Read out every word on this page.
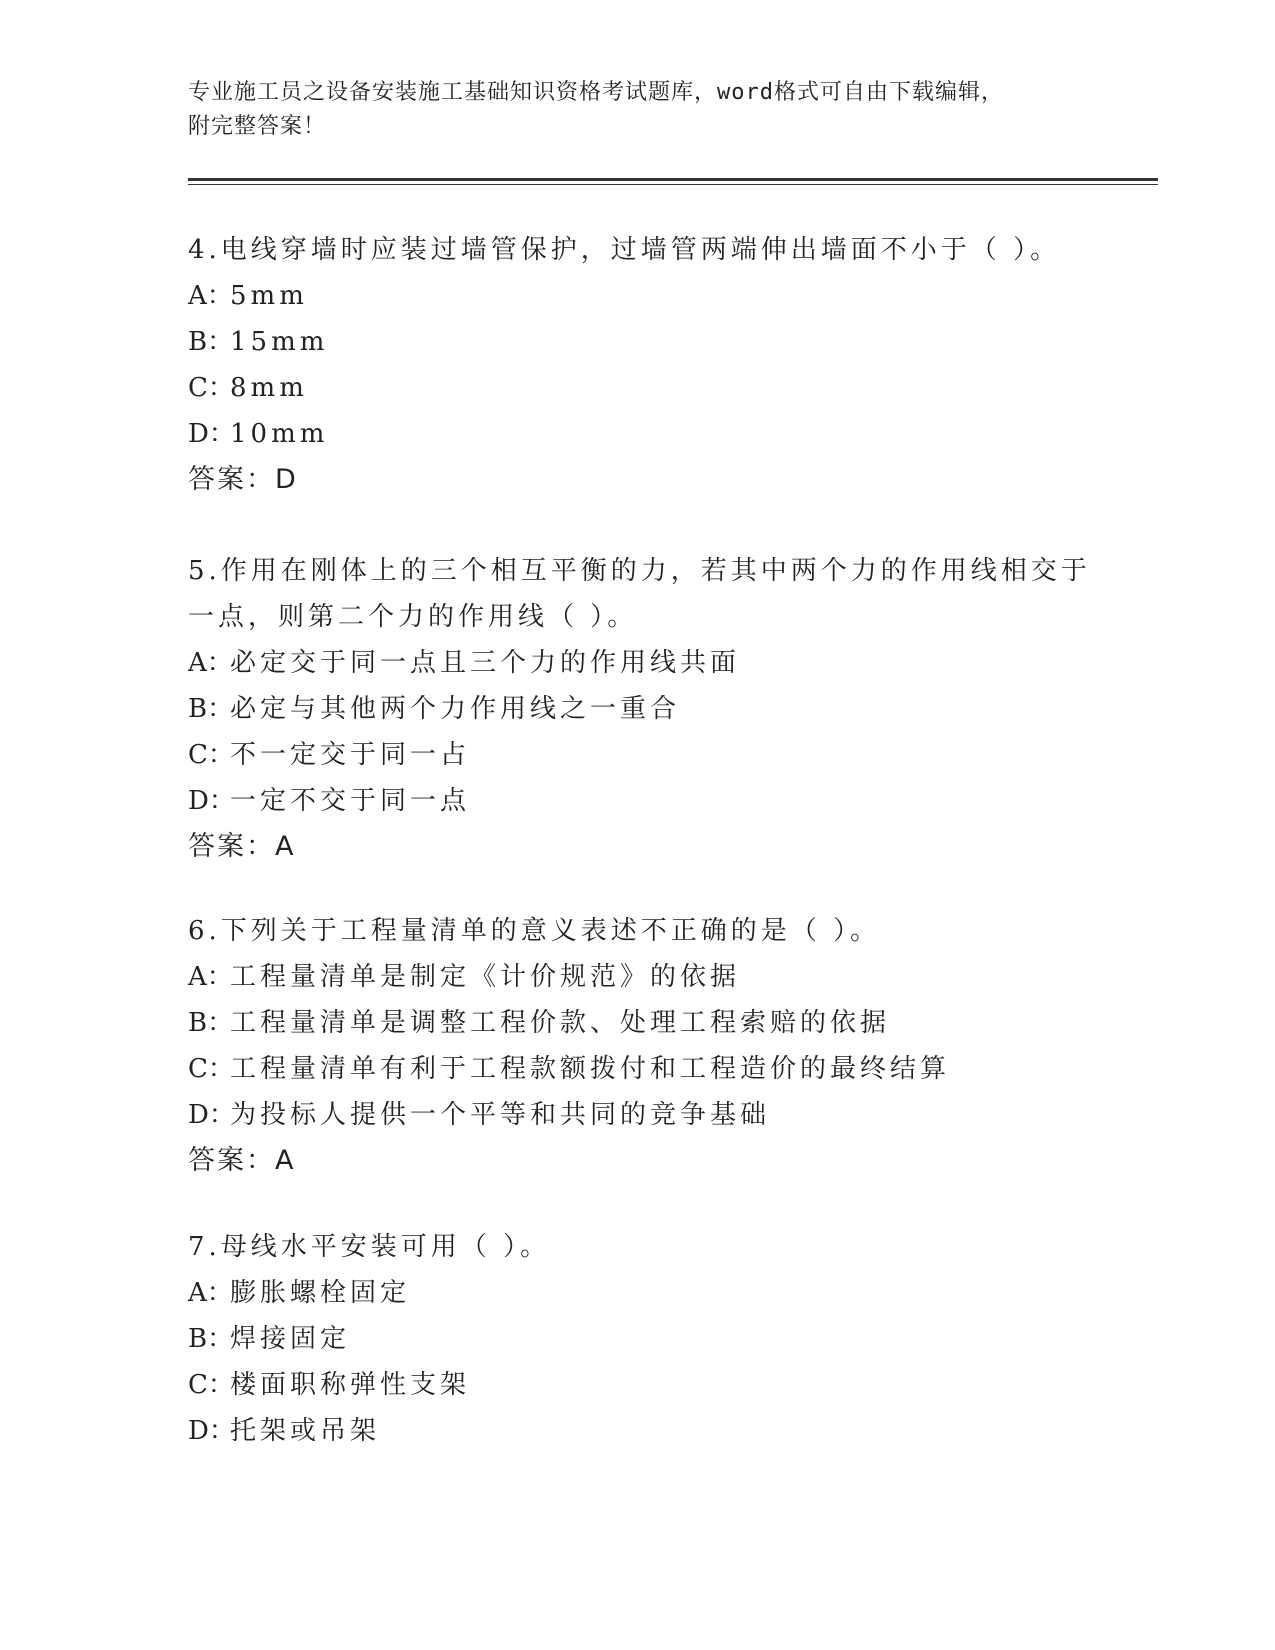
专业施工员之设备安装施工基础知识资格考试题库，word格式可自由下载编辑，
附完整答案！
4.电线穿墙时应装过墙管保护，过墙管两端伸出墙面不小于（ ）。
A：5mm
B：15mm
C：8mm
D：10mm
答案：D
5.作用在刚体上的三个相互平衡的力，若其中两个力的作用线相交于
一点，则第二个力的作用线（ ）。
A：必定交于同一点且三个力的作用线共面
B：必定与其他两个力作用线之一重合
C：不一定交于同一占
D：一定不交于同一点
答案：A
6.下列关于工程量清单的意义表述不正确的是（ ）。
A：工程量清单是制定《计价规范》的依据
B：工程量清单是调整工程价款、处理工程索赔的依据
C：工程量清单有利于工程款额拨付和工程造价的最终结算
D：为投标人提供一个平等和共同的竞争基础
答案：A
7.母线水平安装可用（ ）。
A：膨胀螺栓固定
B：焊接固定
C：楼面职称弹性支架
D：托架或吊架
